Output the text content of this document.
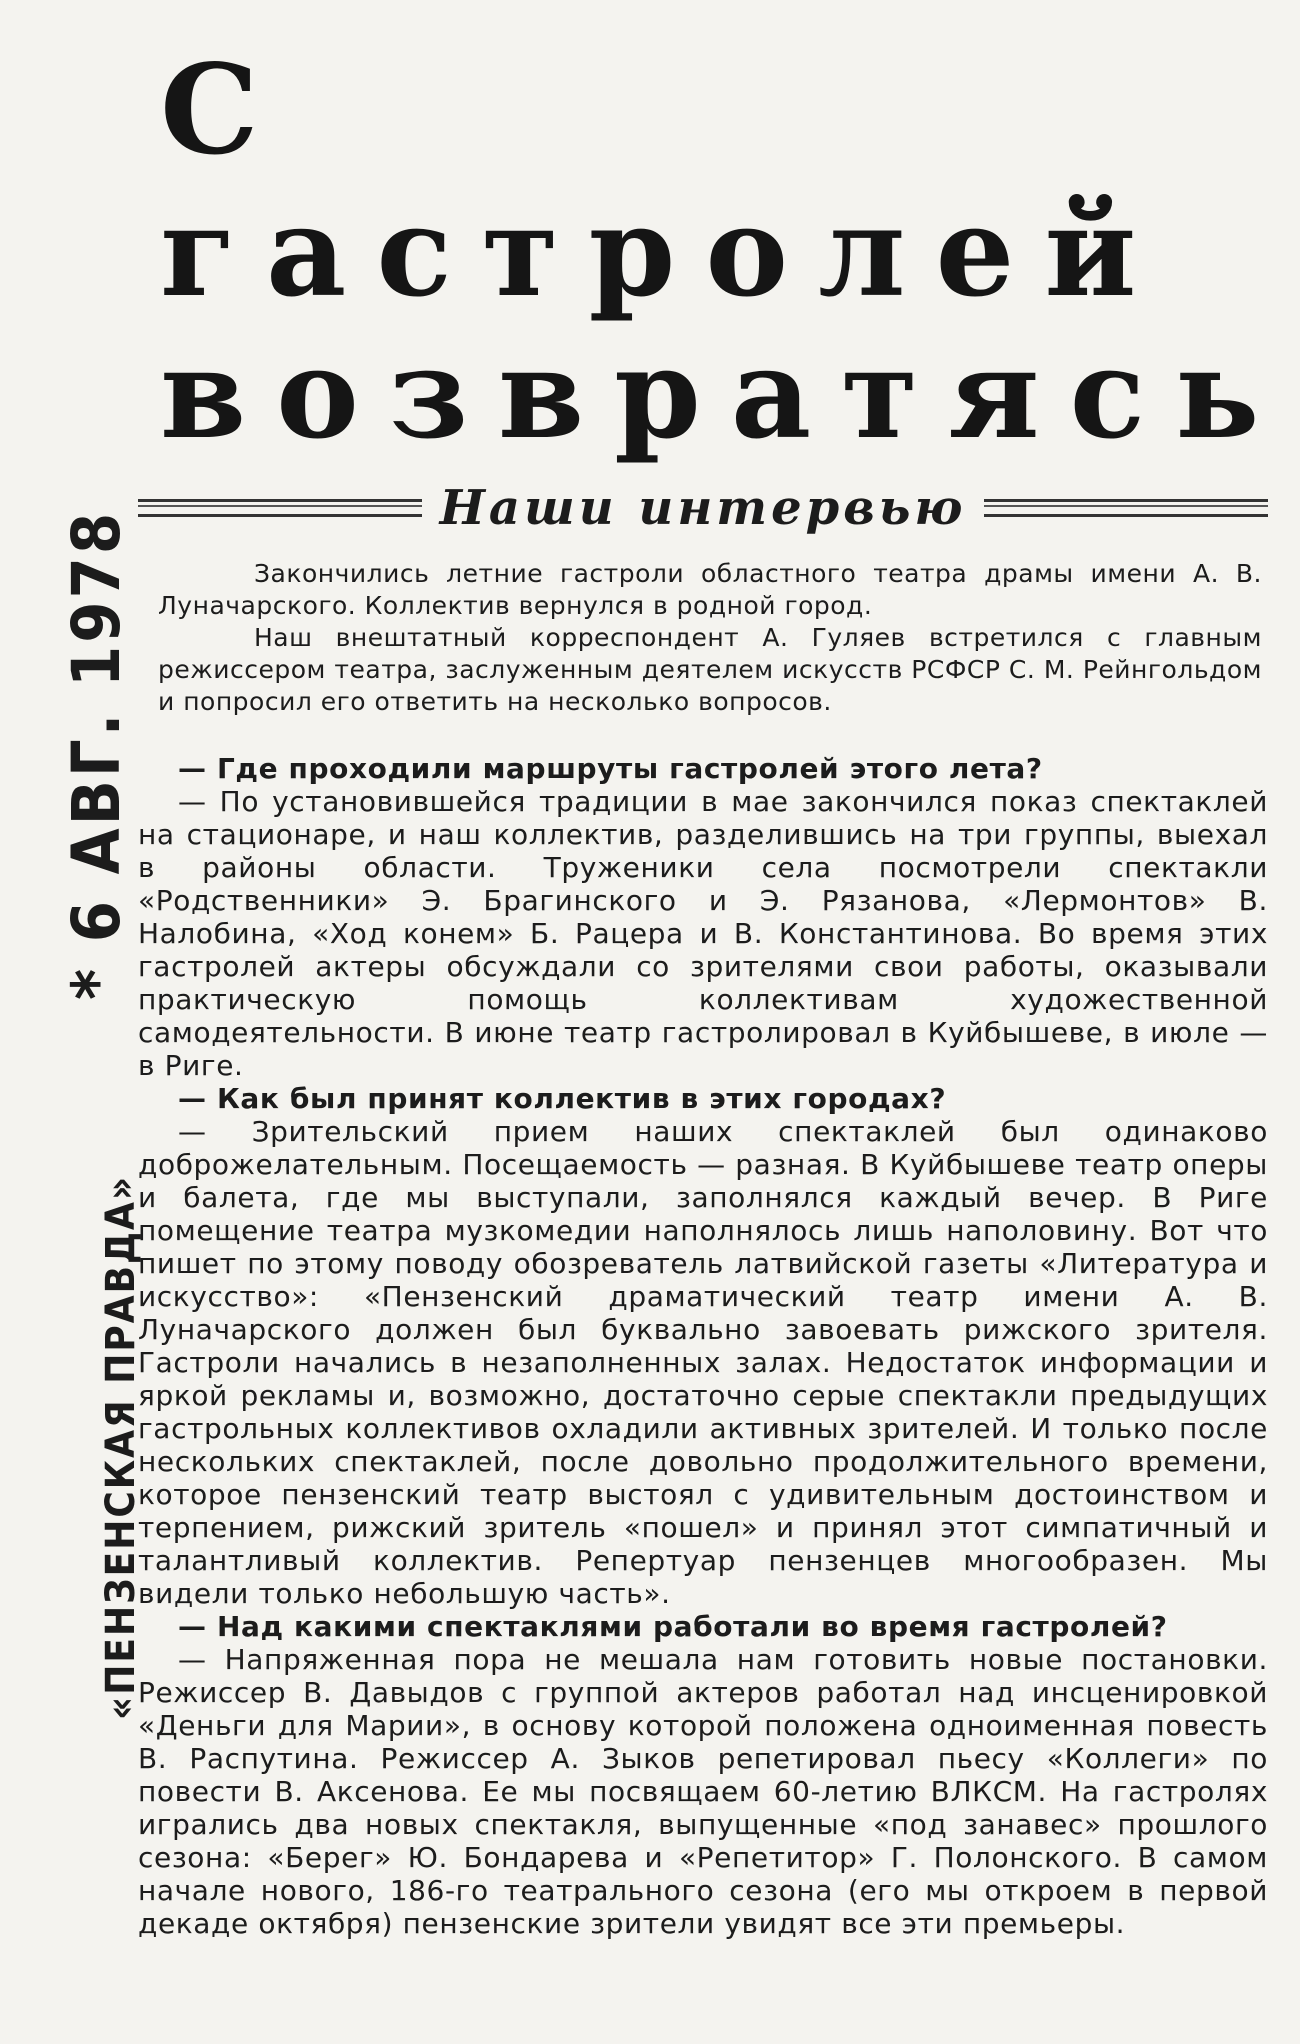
* 6 АВГ. 1978
«ПЕНЗЕНСКАЯ ПРАВДА»
С гастролей
возвратясь
Наши интервью

Закончились летние гастроли областного театра драмы имени А. В. Луначарского. Коллектив вернулся в родной город.

Наш внештатный корреспондент А. Гуляев встретился с главным режиссером театра, заслуженным деятелем искусств РСФСР С. М. Рейнгольдом и попросил его ответить на несколько вопросов.

— Где проходили маршруты гастролей этого лета?

— По установившейся традиции в мае закончился показ спектаклей на стационаре, и наш коллектив, разделившись на три группы, выехал в районы области. Труженики села посмотрели спектакли «Родственники» Э. Брагинского и Э. Рязанова, «Лермонтов» В. Налобина, «Ход конем» Б. Рацера и В. Константинова. Во время этих гастролей актеры обсуждали со зрителями свои работы, оказывали практическую помощь коллективам художественной самодеятельности. В июне театр гастролировал в Куйбышеве, в июле — в Риге.

— Как был принят коллектив в этих городах?

— Зрительский прием наших спектаклей был одинаково доброжелательным. Посещаемость — разная. В Куйбышеве театр оперы и балета, где мы выступали, заполнялся каждый вечер. В Риге помещение театра музкомедии наполнялось лишь наполовину. Вот что пишет по этому поводу обозреватель латвийской газеты «Литература и искусство»: «Пензенский драматический театр имени А. В. Луначарского должен был буквально завоевать рижского зрителя. Гастроли начались в незаполненных залах. Недостаток информации и яркой рекламы и, возможно, достаточно серые спектакли предыдущих гастрольных коллективов охладили активных зрителей. И только после нескольких спектаклей, после довольно продолжительного времени, которое пензенский театр выстоял с удивительным достоинством и терпением, рижский зритель «пошел» и принял этот симпатичный и талантливый коллектив. Репертуар пензенцев многообразен. Мы видели только небольшую часть».

— Над какими спектаклями работали во время гастролей?

— Напряженная пора не мешала нам готовить новые постановки. Режиссер В. Давыдов с группой актеров работал над инсценировкой «Деньги для Марии», в основу которой положена одноименная повесть В. Распутина. Режиссер А. Зыков репетировал пьесу «Коллеги» по повести В. Аксенова. Ее мы посвящаем 60-летию ВЛКСМ. На гастролях игрались два новых спектакля, выпущенные «под занавес» прошлого сезона: «Берег» Ю. Бондарева и «Репетитор» Г. Полонского. В самом начале нового, 186-го театрального сезона (его мы откроем в первой декаде октября) пензенские зрители увидят все эти премьеры.
